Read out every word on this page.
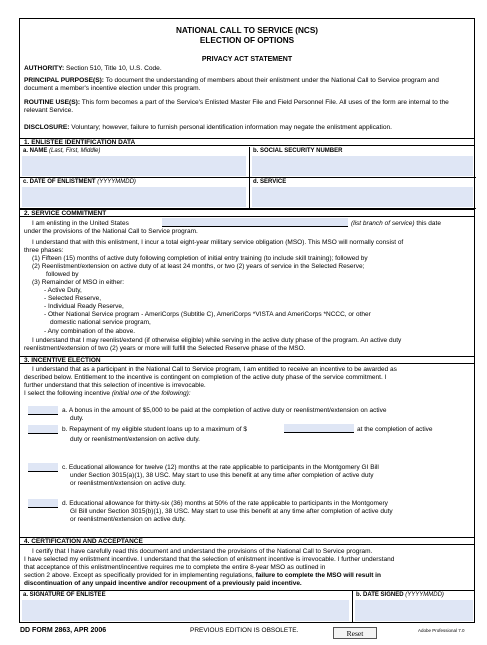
NATIONAL CALL TO SERVICE (NCS)
ELECTION OF OPTIONS
PRIVACY ACT STATEMENT
AUTHORITY: Section 510, Title 10, U.S. Code.
PRINCIPAL PURPOSE(S): To document the understanding of members about their enlistment under the National Call to Service program and document a member's incentive election under this program.
ROUTINE USE(S): This form becomes a part of the Service's Enlisted Master File and Field Personnel File. All uses of the form are internal to the relevant Service.
DISCLOSURE: Voluntary; however, failure to furnish personal identification information may negate the enlistment application.
1. ENLISTEE IDENTIFICATION DATA
a. NAME (Last, First, Middle)	b. SOCIAL SECURITY NUMBER
c. DATE OF ENLISTMENT (YYYYMMDD)	d. SERVICE
2. SERVICE COMMITMENT
I am enlisting in the United States	(list branch of service) this date
under the provisions of the National Call to Service program.
I understand that with this enlistment, I incur a total eight-year military service obligation (MSO). This MSO will normally consist of
three phases:
(1) Fifteen (15) months of active duty following completion of initial entry training (to include skill training); followed by
(2) Reenlistment/extension on active duty of at least 24 months, or two (2) years of service in the Selected Reserve;
followed by
(3) Remainder of MSO in either:
- Active Duty,
- Selected Reserve,
- Individual Ready Reserve,
- Other National Service program - AmeriCorps (Subtitle C), AmeriCorps *VISTA and AmeriCorps *NCCC, or other
domestic national service program,
- Any combination of the above.
I understand that I may reenlist/extend (if otherwise eligible) while serving in the active duty phase of the program. An active duty
reenlistment/extension of two (2) years or more will fulfill the Selected Reserve phase of the MSO.
3. INCENTIVE ELECTION
I understand that as a participant in the National Call to Service program, I am entitled to receive an incentive to be awarded as
described below. Entitlement to the incentive is contingent on completion of the active duty phase of the service commitment. I
further understand that this selection of incentive is irrevocable.
I select the following incentive (initial one of the following):
a. A bonus in the amount of $5,000 to be paid at the completion of active duty or reenlistment/extension on active
duty.
b. Repayment of my eligible student loans up to a maximum of $	at the completion of active
duty or reenlistment/extension on active duty.
c. Educational allowance for twelve (12) months at the rate applicable to participants in the Montgomery GI Bill
under Section 3015(a)(1), 38 USC. May start to use this benefit at any time after completion of active duty
or reenlistment/extension on active duty.
d. Educational allowance for thirty-six (36) months at 50% of the rate applicable to participants in the Montgomery
GI Bill under Section 3015(b)(1), 38 USC. May start to use this benefit at any time after completion of active duty
or reenlistment/extension on active duty.
4. CERTIFICATION AND ACCEPTANCE
I certify that I have carefully read this document and understand the provisions of the National Call to Service program.
I have selected my enlistment incentive. I understand that the selection of enlistment incentive is irrevocable. I further understand
that acceptance of this enlistment/incentive requires me to complete the entire 8-year MSO as outlined in
section 2 above. Except as specifically provided for in implementing regulations, failure to complete the MSO will result in
discontinuation of any unpaid incentive and/or recoupment of a previously paid incentive.
a. SIGNATURE OF ENLISTEE	b. DATE SIGNED (YYYYMMDD)
DD FORM 2863, APR 2006	PREVIOUS EDITION IS OBSOLETE.	Reset	Adobe Professional 7.0
